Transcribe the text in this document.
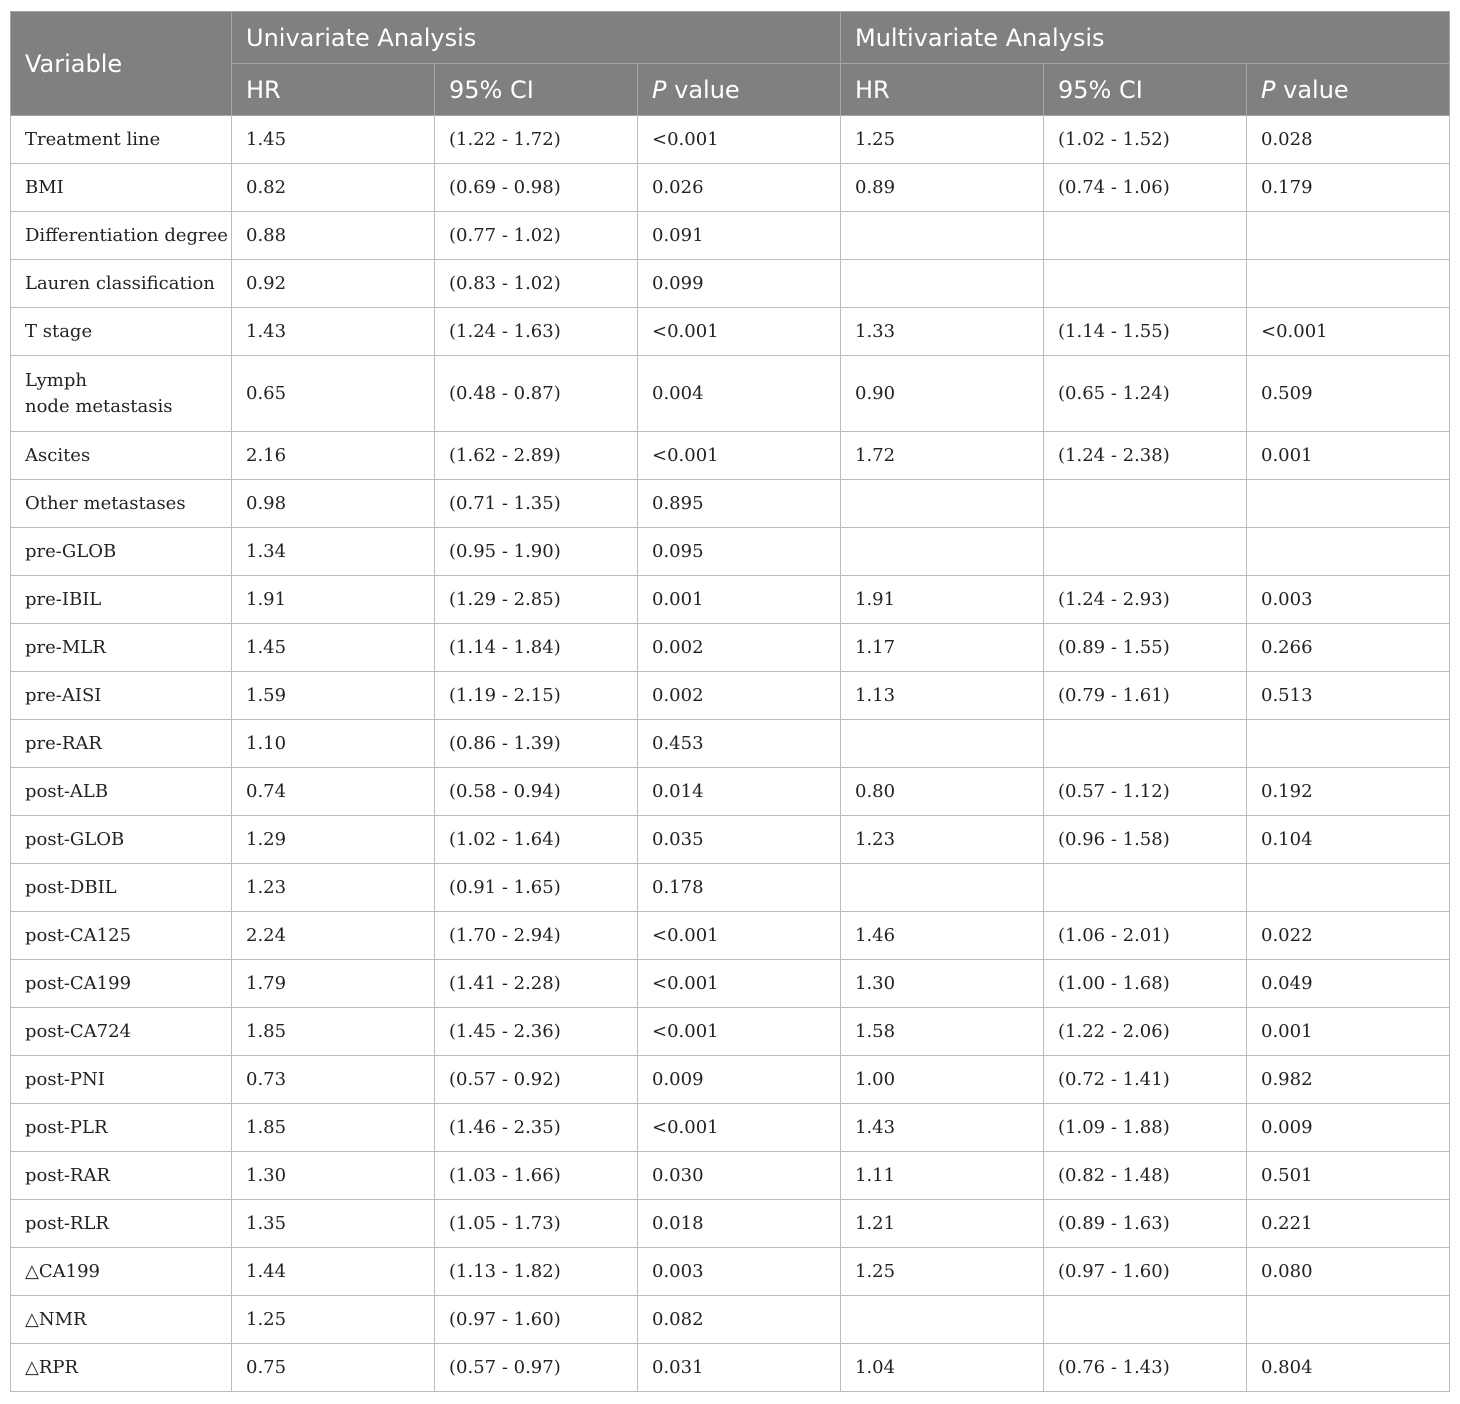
Variable	Univariate Analysis			Multivariate Analysis		
	HR	95% CI	P value	HR	95% CI	P value
Treatment line	1.45	(1.22 - 1.72)	<0.001	1.25	(1.02 - 1.52)	0.028
BMI	0.82	(0.69 - 0.98)	0.026	0.89	(0.74 - 1.06)	0.179
Differentiation degree	0.88	(0.77 - 1.02)	0.091			
Lauren classification	0.92	(0.83 - 1.02)	0.099			
T stage	1.43	(1.24 - 1.63)	<0.001	1.33	(1.14 - 1.55)	<0.001
Lymph
node metastasis	0.65	(0.48 - 0.87)	0.004	0.90	(0.65 - 1.24)	0.509
Ascites	2.16	(1.62 - 2.89)	<0.001	1.72	(1.24 - 2.38)	0.001
Other metastases	0.98	(0.71 - 1.35)	0.895			
pre-GLOB	1.34	(0.95 - 1.90)	0.095			
pre-IBIL	1.91	(1.29 - 2.85)	0.001	1.91	(1.24 - 2.93)	0.003
pre-MLR	1.45	(1.14 - 1.84)	0.002	1.17	(0.89 - 1.55)	0.266
pre-AISI	1.59	(1.19 - 2.15)	0.002	1.13	(0.79 - 1.61)	0.513
pre-RAR	1.10	(0.86 - 1.39)	0.453			
post-ALB	0.74	(0.58 - 0.94)	0.014	0.80	(0.57 - 1.12)	0.192
post-GLOB	1.29	(1.02 - 1.64)	0.035	1.23	(0.96 - 1.58)	0.104
post-DBIL	1.23	(0.91 - 1.65)	0.178			
post-CA125	2.24	(1.70 - 2.94)	<0.001	1.46	(1.06 - 2.01)	0.022
post-CA199	1.79	(1.41 - 2.28)	<0.001	1.30	(1.00 - 1.68)	0.049
post-CA724	1.85	(1.45 - 2.36)	<0.001	1.58	(1.22 - 2.06)	0.001
post-PNI	0.73	(0.57 - 0.92)	0.009	1.00	(0.72 - 1.41)	0.982
post-PLR	1.85	(1.46 - 2.35)	<0.001	1.43	(1.09 - 1.88)	0.009
post-RAR	1.30	(1.03 - 1.66)	0.030	1.11	(0.82 - 1.48)	0.501
post-RLR	1.35	(1.05 - 1.73)	0.018	1.21	(0.89 - 1.63)	0.221
△CA199	1.44	(1.13 - 1.82)	0.003	1.25	(0.97 - 1.60)	0.080
△NMR	1.25	(0.97 - 1.60)	0.082			
△RPR	0.75	(0.57 - 0.97)	0.031	1.04	(0.76 - 1.43)	0.804
